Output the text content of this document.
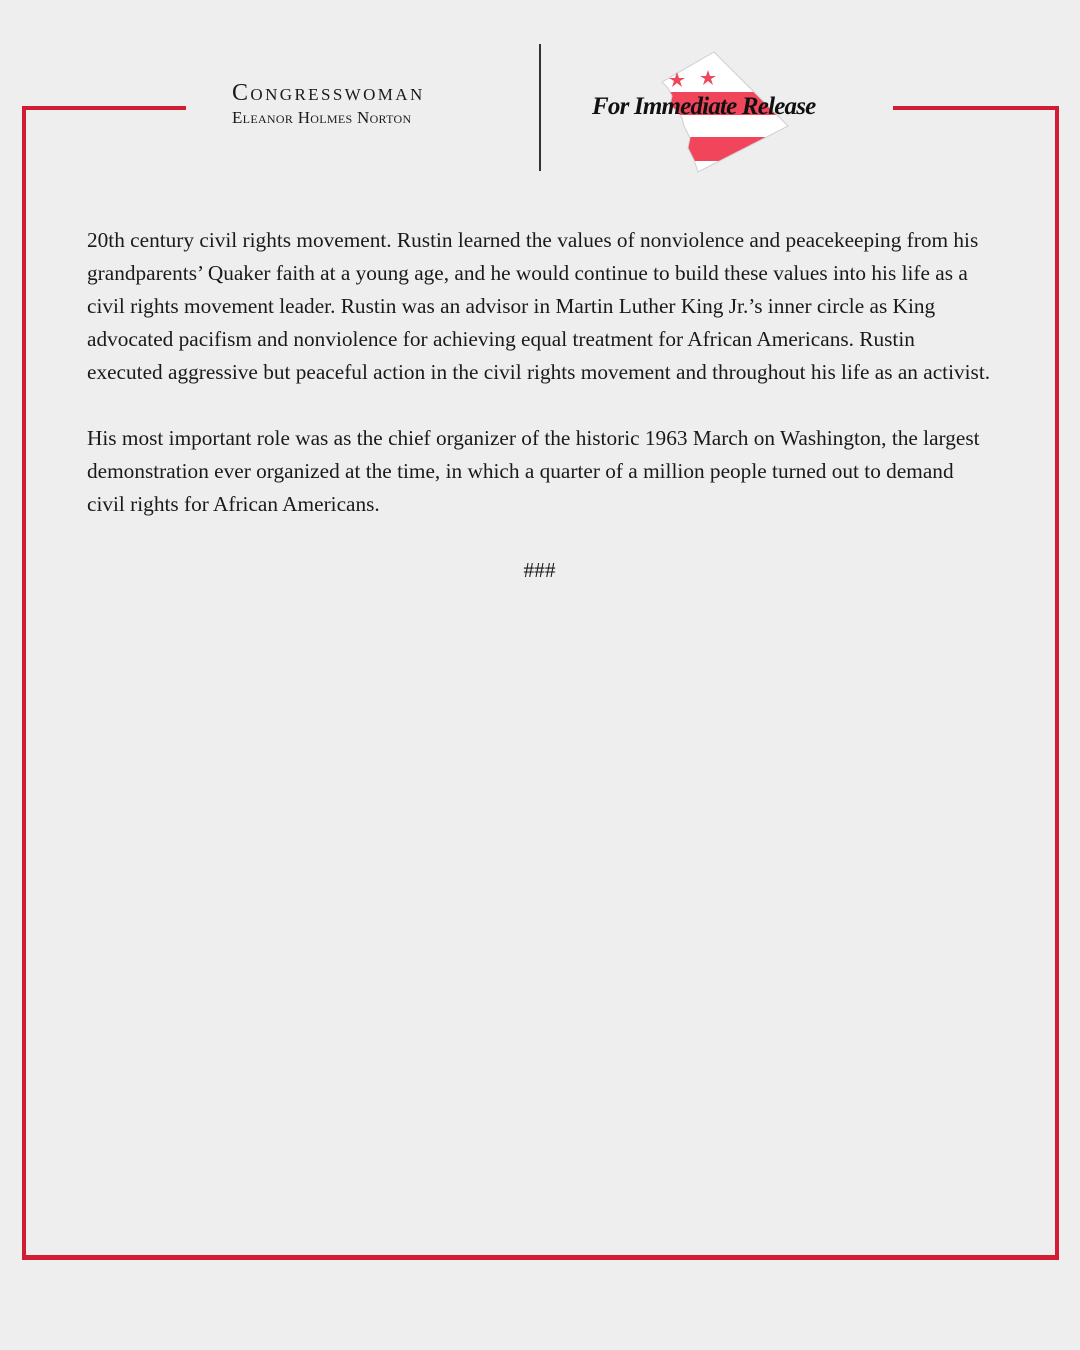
Congresswoman
Eleanor Holmes Norton	For Immediate Release

20th century civil rights movement. Rustin learned the values of nonviolence and peacekeeping from his grandparents’ Quaker faith at a young age, and he would continue to build these values into his life as a civil rights movement leader. Rustin was an advisor in Martin Luther King Jr.’s inner circle as King advocated pacifism and nonviolence for achieving equal treatment for African Americans. Rustin executed aggressive but peaceful action in the civil rights movement and throughout his life as an activist.

His most important role was as the chief organizer of the historic 1963 March on Washington, the largest demonstration ever organized at the time, in which a quarter of a million people turned out to demand civil rights for African Americans.

###
